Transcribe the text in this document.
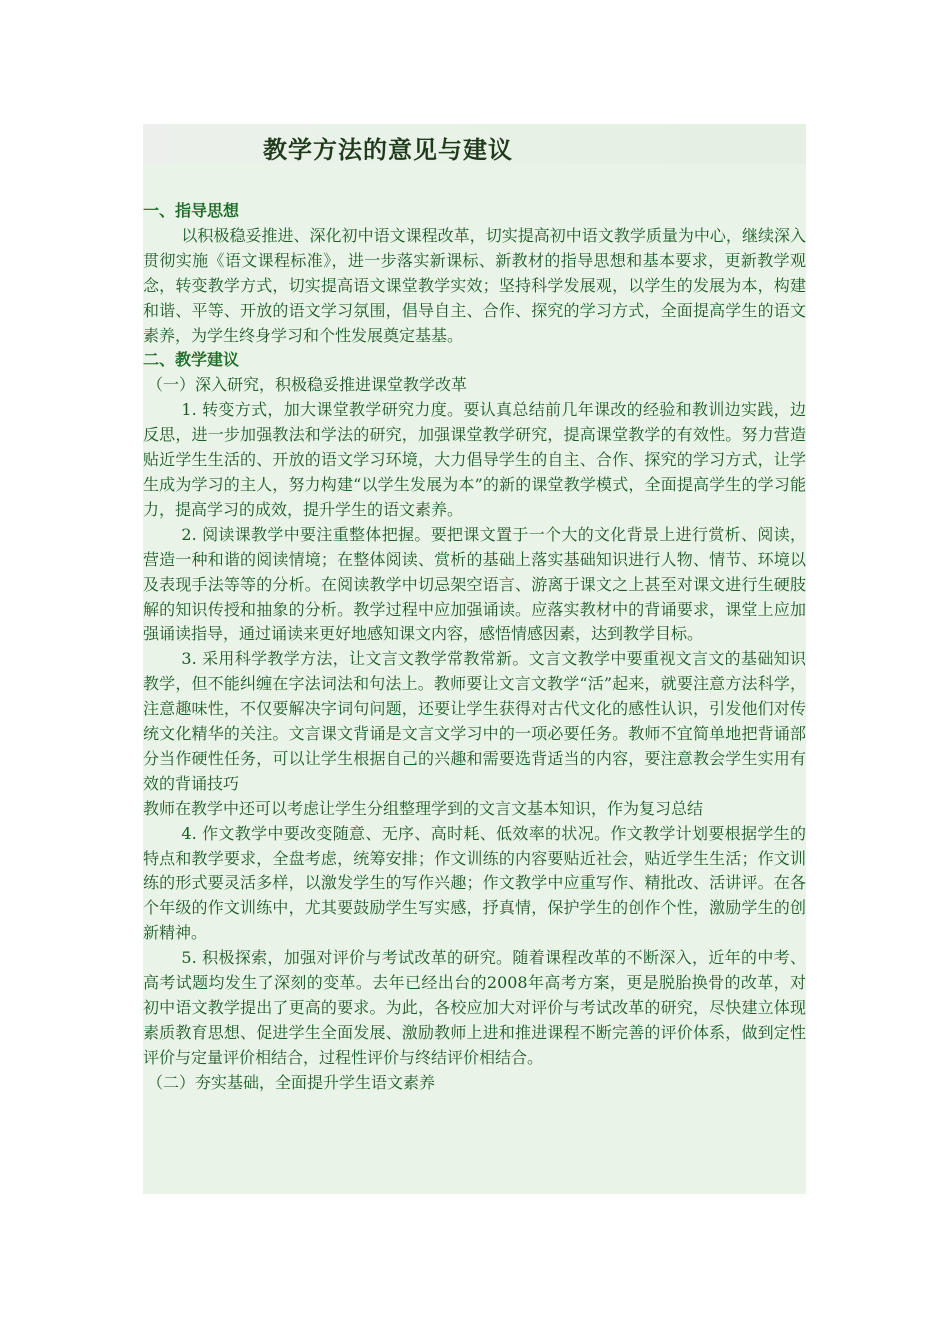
教学方法的意见与建议

一、指导思想

以积极稳妥推进、深化初中语文课程改革，切实提高初中语文教学质量为中心，继续深入贯彻实施《语文课程标准》，进一步落实新课标、新教材的指导思想和基本要求，更新教学观念，转变教学方式，切实提高语文课堂教学实效；坚持科学发展观，以学生的发展为本，构建和谐、平等、开放的语文学习氛围，倡导自主、合作、探究的学习方式，全面提高学生的语文素养，为学生终身学习和个性发展奠定基基。

二、教学建议

（一）深入研究，积极稳妥推进课堂教学改革

1. 转变方式，加大课堂教学研究力度。要认真总结前几年课改的经验和教训边实践，边反思，进一步加强教法和学法的研究，加强课堂教学研究，提高课堂教学的有效性。努力营造贴近学生生活的、开放的语文学习环境，大力倡导学生的自主、合作、探究的学习方式，让学生成为学习的主人，努力构建“以学生发展为本”的新的课堂教学模式，全面提高学生的学习能力，提高学习的成效，提升学生的语文素养。

2. 阅读课教学中要注重整体把握。要把课文置于一个大的文化背景上进行赏析、阅读，营造一种和谐的阅读情境；在整体阅读、赏析的基础上落实基础知识进行人物、情节、环境以及表现手法等等的分析。在阅读教学中切忌架空语言、游离于课文之上甚至对课文进行生硬肢解的知识传授和抽象的分析。教学过程中应加强诵读。应落实教材中的背诵要求，课堂上应加强诵读指导，通过诵读来更好地感知课文内容，感悟情感因素，达到教学目标。

3. 采用科学教学方法，让文言文教学常教常新。文言文教学中要重视文言文的基础知识教学，但不能纠缠在字法词法和句法上。教师要让文言文教学“活”起来，就要注意方法科学，注意趣味性，不仅要解决字词句问题，还要让学生获得对古代文化的感性认识，引发他们对传统文化精华的关注。文言课文背诵是文言文学习中的一项必要任务。教师不宜简单地把背诵部分当作硬性任务，可以让学生根据自己的兴趣和需要选背适当的内容，要注意教会学生实用有效的背诵技巧

教师在教学中还可以考虑让学生分组整理学到的文言文基本知识，作为复习总结

4. 作文教学中要改变随意、无序、高时耗、低效率的状况。作文教学计划要根据学生的特点和教学要求，全盘考虑，统筹安排；作文训练的内容要贴近社会，贴近学生生活；作文训练的形式要灵活多样，以激发学生的写作兴趣；作文教学中应重写作、精批改、活讲评。在各个年级的作文训练中，尤其要鼓励学生写实感，抒真情，保护学生的创作个性，激励学生的创新精神。

5. 积极探索，加强对评价与考试改革的研究。随着课程改革的不断深入，近年的中考、高考试题均发生了深刻的变革。去年已经出台的2008年高考方案，更是脱胎换骨的改革，对初中语文教学提出了更高的要求。为此，各校应加大对评价与考试改革的研究，尽快建立体现素质教育思想、促进学生全面发展、激励教师上进和推进课程不断完善的评价体系，做到定性评价与定量评价相结合，过程性评价与终结评价相结合。

（二）夯实基础，全面提升学生语文素养
